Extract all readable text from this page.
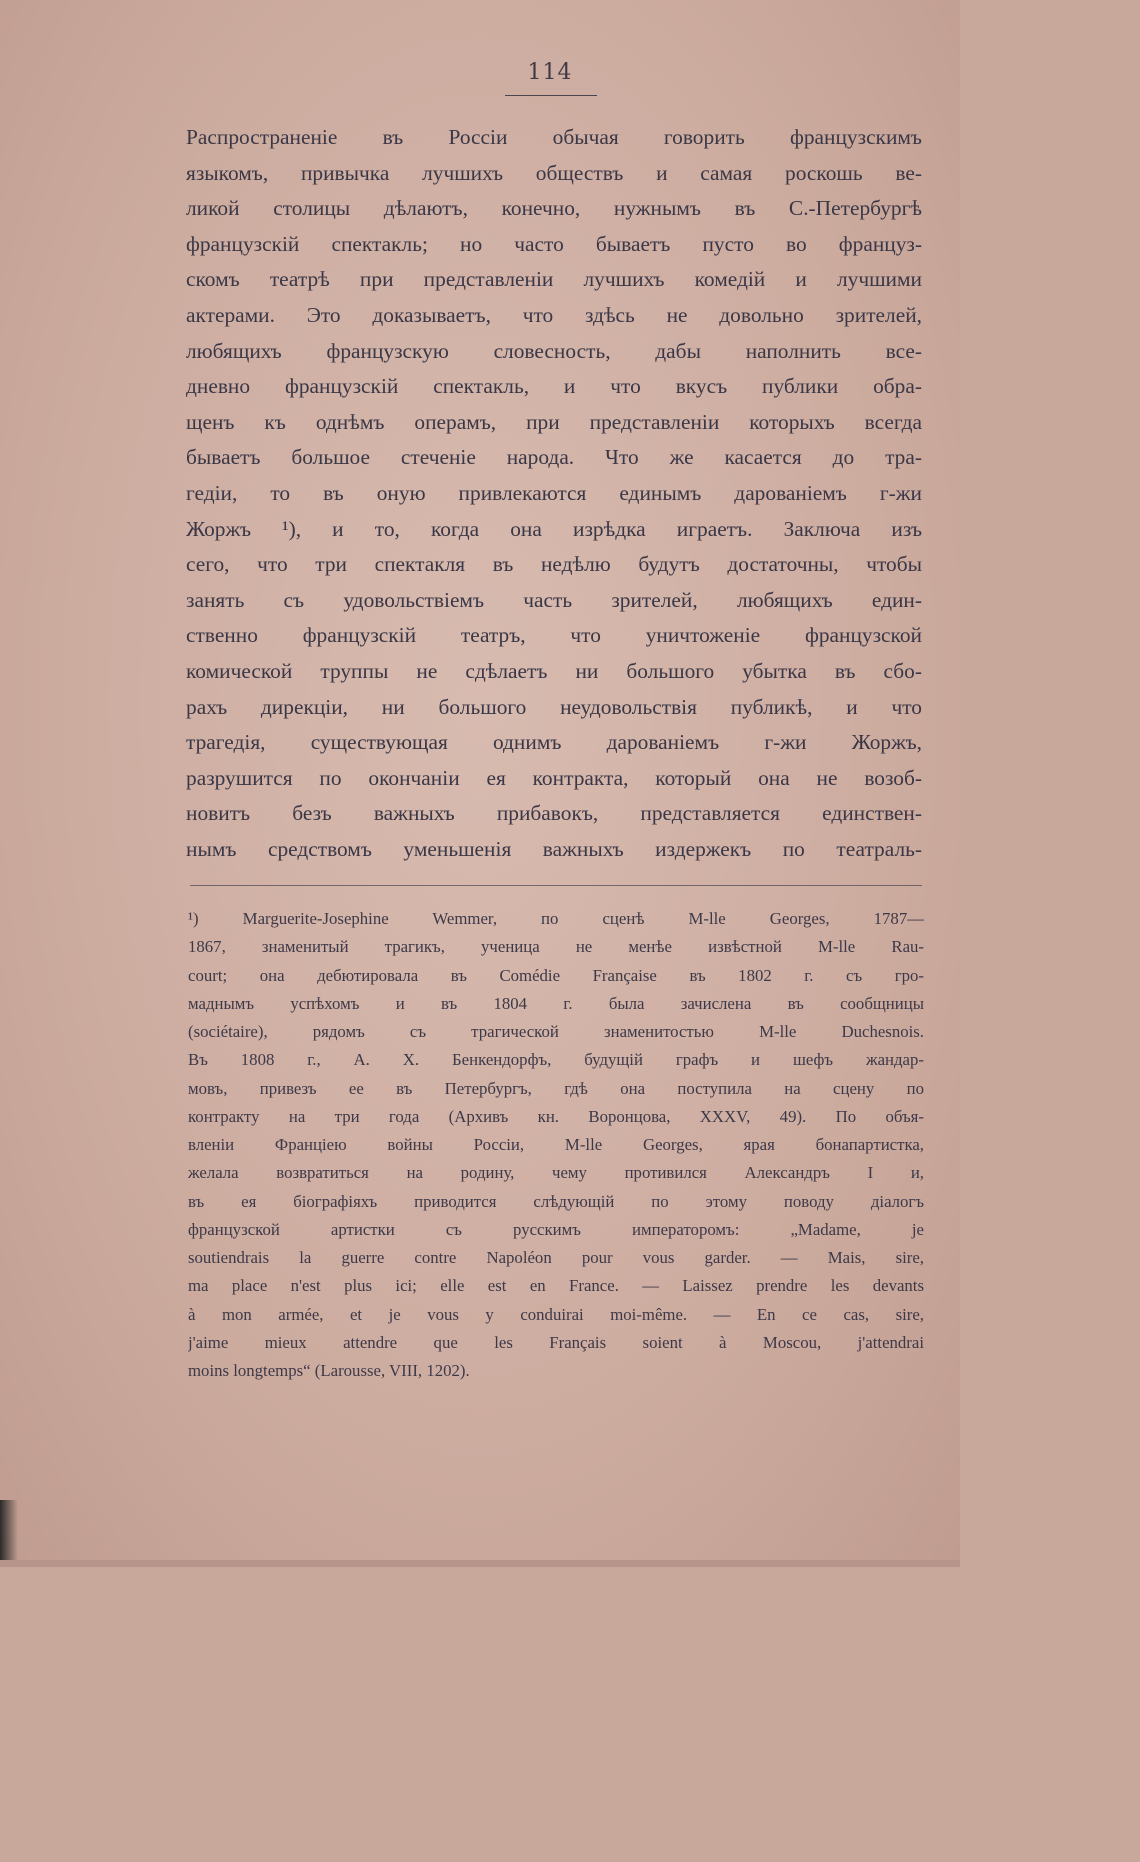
114
Распространеніе въ Россіи обычая говорить французскимъ
языкомъ, привычка лучшихъ обществъ и самая роскошь ве-
ликой столицы дѣлаютъ, конечно, нужнымъ въ С.-Петербургѣ
французскій спектакль; но часто бываетъ пусто во француз-
скомъ театрѣ при представленіи лучшихъ комедій и лучшими
актерами. Это доказываетъ, что здѣсь не довольно зрителей,
любящихъ французскую словесность, дабы наполнить все-
дневно французскій спектакль, и что вкусъ публики обра-
щенъ къ однѣмъ операмъ, при представленіи которыхъ всегда
бываетъ большое стеченіе народа. Что же касается до тра-
гедіи, то въ оную привлекаются единымъ дарованіемъ г-жи
Жоржъ ¹), и то, когда она изрѣдка играетъ. Заключа изъ
сего, что три спектакля въ недѣлю будутъ достаточны, чтобы
занять съ удовольствіемъ часть зрителей, любящихъ един-
ственно французскій театръ, что уничтоженіе французской
комической труппы не сдѣлаетъ ни большого убытка въ сбо-
рахъ дирекціи, ни большого неудовольствія публикѣ, и что
трагедія, существующая однимъ дарованіемъ г-жи Жоржъ,
разрушится по окончаніи ея контракта, который она не возоб-
новитъ безъ важныхъ прибавокъ, представляется единствен-
нымъ средствомъ уменьшенія важныхъ издержекъ по театраль-
¹) Marguerite-Josephine Wemmer, по сценѣ M-lle Georges, 1787—
1867, знаменитый трагикъ, ученица не менѣе извѣстной M-lle Rau-
court; она дебютировала въ Comédie Française въ 1802 г. съ гро-
маднымъ успѣхомъ и въ 1804 г. была зачислена въ сообщницы
(sociétaire), рядомъ съ трагической знаменитостью M-lle Duchesnois.
Въ 1808 г., А. Х. Бенкендорфъ, будущій графъ и шефъ жандар-
мовъ, привезъ ее въ Петербургъ, гдѣ она поступила на сцену по
контракту на три года (Архивъ кн. Воронцова, XXXV, 49). По объя-
вленіи Франціею войны Россіи, M-lle Georges, ярая бонапартистка,
желала возвратиться на родину, чему противился Александръ I и,
въ ея біографіяхъ приводится слѣдующій по этому поводу діалогъ
французской артистки съ русскимъ императоромъ: „Madame, je
soutiendrais la guerre contre Napoléon pour vous garder. — Mais, sire,
ma place n'est plus ici; elle est en France. — Laissez prendre les devants
à mon armée, et je vous y conduirai moi-même. — En ce cas, sire,
j'aime mieux attendre que les Français soient à Moscou, j'attendrai
moins longtemps“ (Larousse, VIII, 1202).
